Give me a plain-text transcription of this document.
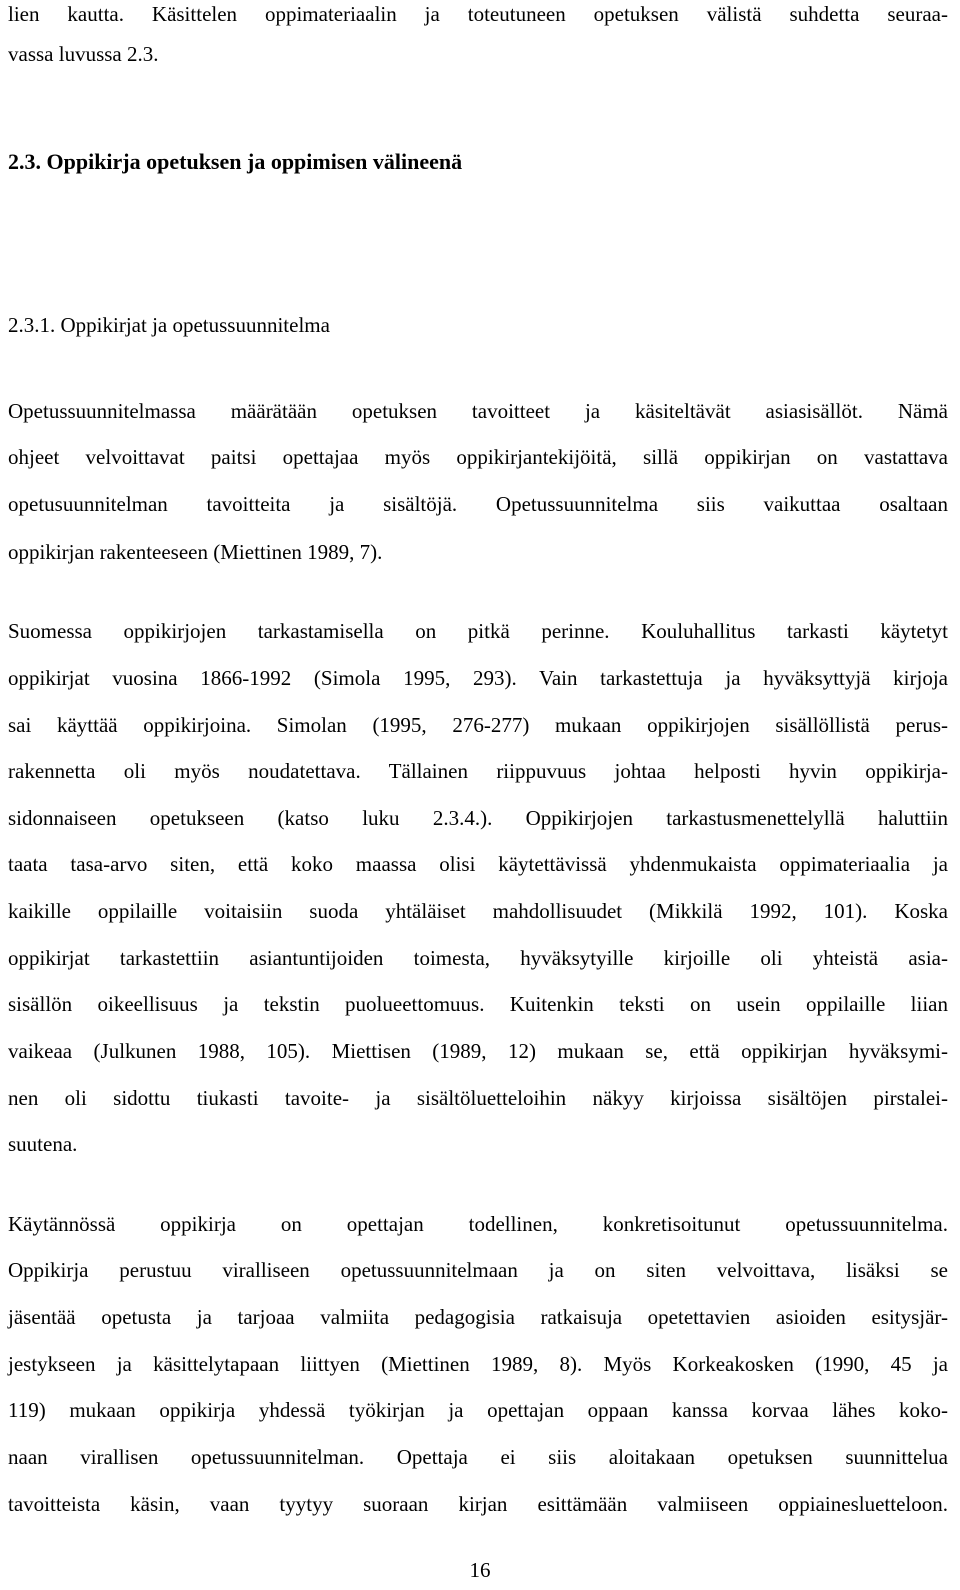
lien kautta. Käsittelen oppimateriaalin ja toteutuneen opetuksen välistä suhdetta seuraa-
vassa luvussa 2.3.
2.3. Oppikirja opetuksen ja oppimisen välineenä
2.3.1. Oppikirjat ja opetussuunnitelma
Opetussuunnitelmassa määrätään opetuksen tavoitteet ja käsiteltävät asiasisällöt. Nämä
ohjeet velvoittavat paitsi opettajaa myös oppikirjantekijöitä, sillä oppikirjan on vastattava
opetusuunnitelman tavoitteita ja sisältöjä. Opetussuunnitelma siis vaikuttaa osaltaan
oppikirjan rakenteeseen (Miettinen 1989, 7).
Suomessa oppikirjojen tarkastamisella on pitkä perinne. Kouluhallitus tarkasti käytetyt
oppikirjat vuosina 1866-1992 (Simola 1995, 293). Vain tarkastettuja ja hyväksyttyjä kirjoja
sai käyttää oppikirjoina. Simolan (1995, 276-277) mukaan oppikirjojen sisällöllistä perus-
rakennetta oli myös noudatettava. Tällainen riippuvuus johtaa helposti hyvin oppikirja-
sidonnaiseen opetukseen (katso luku 2.3.4.). Oppikirjojen tarkastusmenettelyllä haluttiin
taata tasa-arvo siten, että koko maassa olisi käytettävissä yhdenmukaista oppimateriaalia ja
kaikille oppilaille voitaisiin suoda yhtäläiset mahdollisuudet (Mikkilä 1992, 101). Koska
oppikirjat tarkastettiin asiantuntijoiden toimesta, hyväksytyille kirjoille oli yhteistä asia-
sisällön oikeellisuus ja tekstin puolueettomuus. Kuitenkin teksti on usein oppilaille liian
vaikeaa (Julkunen 1988, 105). Miettisen (1989, 12) mukaan se, että oppikirjan hyväksymi-
nen oli sidottu tiukasti tavoite- ja sisältöluetteloihin näkyy kirjoissa sisältöjen pirstalei-
suutena.
Käytännössä oppikirja on opettajan todellinen, konkretisoitunut opetussuunnitelma.
Oppikirja perustuu viralliseen opetussuunnitelmaan ja on siten velvoittava, lisäksi se
jäsentää opetusta ja tarjoaa valmiita pedagogisia ratkaisuja opetettavien asioiden esitysjär-
jestykseen ja käsittelytapaan liittyen (Miettinen 1989, 8). Myös Korkeakosken (1990, 45 ja
119) mukaan oppikirja yhdessä työkirjan ja opettajan oppaan kanssa korvaa lähes koko-
naan virallisen opetussuunnitelman. Opettaja ei siis aloitakaan opetuksen suunnittelua
tavoitteista käsin, vaan tyytyy suoraan kirjan esittämään valmiiseen oppiainesluetteloon.
16
